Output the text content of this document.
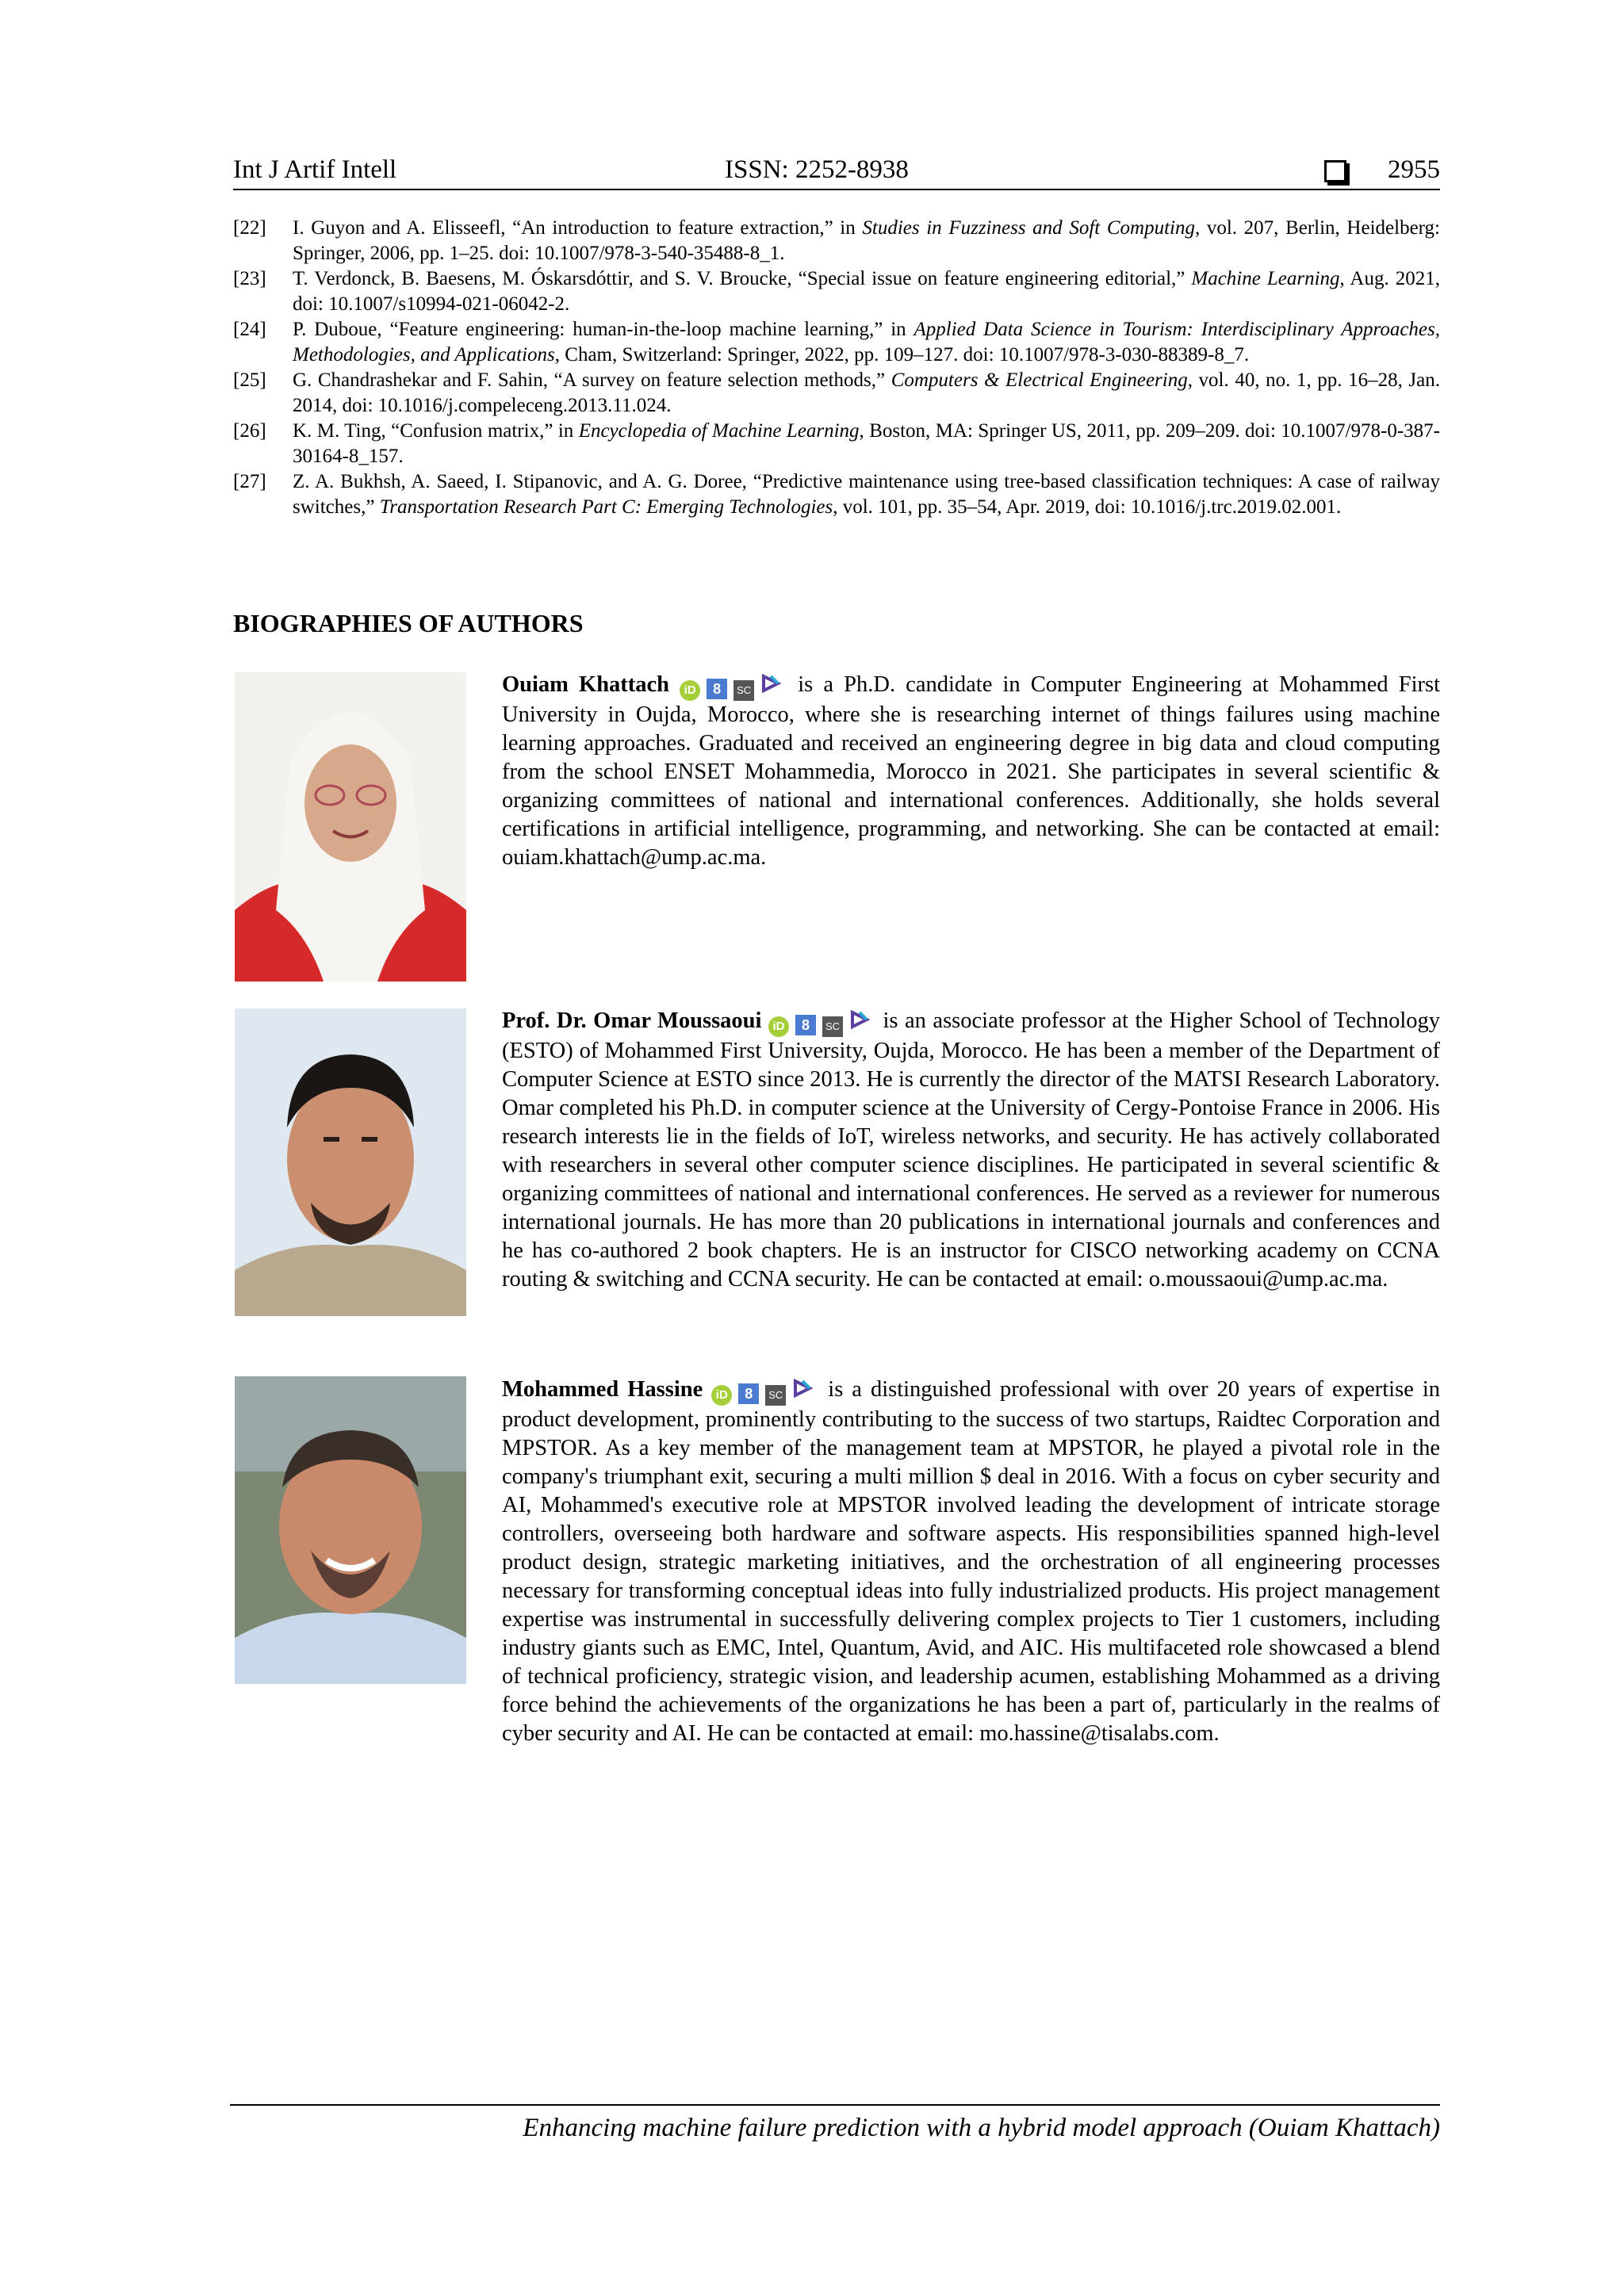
Int J Artif Intell	ISSN: 2252-8938	2955
[22] I. Guyon and A. Elisseefl, “An introduction to feature extraction,” in Studies in Fuzziness and Soft Computing, vol. 207, Berlin, Heidelberg: Springer, 2006, pp. 1–25. doi: 10.1007/978-3-540-35488-8_1.
[23] T. Verdonck, B. Baesens, M. Óskarsdóttir, and S. V. Broucke, “Special issue on feature engineering editorial,” Machine Learning, Aug. 2021, doi: 10.1007/s10994-021-06042-2.
[24] P. Duboue, “Feature engineering: human-in-the-loop machine learning,” in Applied Data Science in Tourism: Interdisciplinary Approaches, Methodologies, and Applications, Cham, Switzerland: Springer, 2022, pp. 109–127. doi: 10.1007/978-3-030-88389-8_7.
[25] G. Chandrashekar and F. Sahin, “A survey on feature selection methods,” Computers & Electrical Engineering, vol. 40, no. 1, pp. 16–28, Jan. 2014, doi: 10.1016/j.compeleceng.2013.11.024.
[26] K. M. Ting, “Confusion matrix,” in Encyclopedia of Machine Learning, Boston, MA: Springer US, 2011, pp. 209–209. doi: 10.1007/978-0-387-30164-8_157.
[27] Z. A. Bukhsh, A. Saeed, I. Stipanovic, and A. G. Doree, “Predictive maintenance using tree-based classification techniques: A case of railway switches,” Transportation Research Part C: Emerging Technologies, vol. 101, pp. 35–54, Apr. 2019, doi: 10.1016/j.trc.2019.02.001.
BIOGRAPHIES OF AUTHORS
Ouiam Khattach iD 8 SC is a Ph.D. candidate in Computer Engineering at Mohammed First University in Oujda, Morocco, where she is researching internet of things failures using machine learning approaches. Graduated and received an engineering degree in big data and cloud computing from the school ENSET Mohammedia, Morocco in 2021. She participates in several scientific & organizing committees of national and international conferences. Additionally, she holds several certifications in artificial intelligence, programming, and networking. She can be contacted at email: ouiam.khattach@ump.ac.ma.
Prof. Dr. Omar Moussaoui iD 8 SC is an associate professor at the Higher School of Technology (ESTO) of Mohammed First University, Oujda, Morocco. He has been a member of the Department of Computer Science at ESTO since 2013. He is currently the director of the MATSI Research Laboratory. Omar completed his Ph.D. in computer science at the University of Cergy-Pontoise France in 2006. His research interests lie in the fields of IoT, wireless networks, and security. He has actively collaborated with researchers in several other computer science disciplines. He participated in several scientific & organizing committees of national and international conferences. He served as a reviewer for numerous international journals. He has more than 20 publications in international journals and conferences and he has co-authored 2 book chapters. He is an instructor for CISCO networking academy on CCNA routing & switching and CCNA security. He can be contacted at email: o.moussaoui@ump.ac.ma.
Mohammed Hassine iD 8 SC is a distinguished professional with over 20 years of expertise in product development, prominently contributing to the success of two startups, Raidtec Corporation and MPSTOR. As a key member of the management team at MPSTOR, he played a pivotal role in the company's triumphant exit, securing a multi million $ deal in 2016. With a focus on cyber security and AI, Mohammed's executive role at MPSTOR involved leading the development of intricate storage controllers, overseeing both hardware and software aspects. His responsibilities spanned high-level product design, strategic marketing initiatives, and the orchestration of all engineering processes necessary for transforming conceptual ideas into fully industrialized products. His project management expertise was instrumental in successfully delivering complex projects to Tier 1 customers, including industry giants such as EMC, Intel, Quantum, Avid, and AIC. His multifaceted role showcased a blend of technical proficiency, strategic vision, and leadership acumen, establishing Mohammed as a driving force behind the achievements of the organizations he has been a part of, particularly in the realms of cyber security and AI. He can be contacted at email: mo.hassine@tisalabs.com.
Enhancing machine failure prediction with a hybrid model approach (Ouiam Khattach)
